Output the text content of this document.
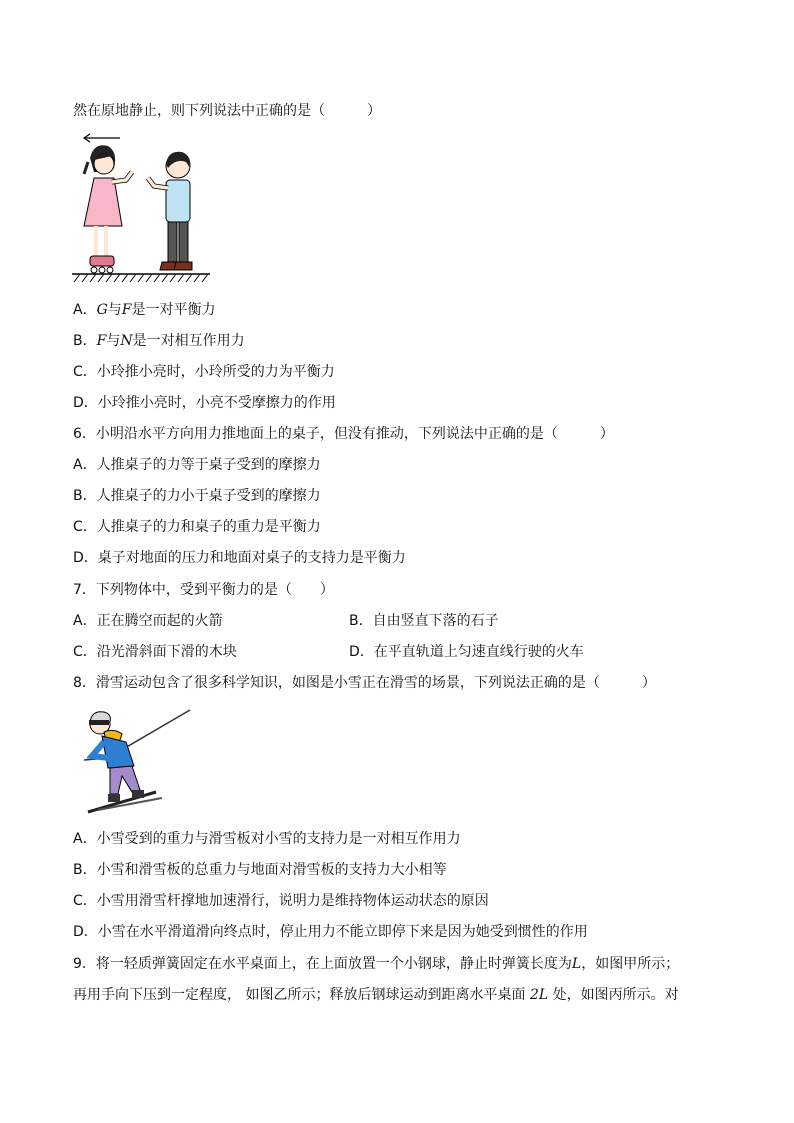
然在原地静止，则下列说法中正确的是（　　　）
A．G与F是一对平衡力
B．F与N是一对相互作用力
C．小玲推小亮时，小玲所受的力为平衡力
D．小玲推小亮时，小亮不受摩擦力的作用
6．小明沿水平方向用力推地面上的桌子，但没有推动，下列说法中正确的是（　　　）
A．人推桌子的力等于桌子受到的摩擦力
B．人推桌子的力小于桌子受到的摩擦力
C．人推桌子的力和桌子的重力是平衡力
D．桌子对地面的压力和地面对桌子的支持力是平衡力
7．下列物体中，受到平衡力的是（　　）
A．正在腾空而起的火箭	B．自由竖直下落的石子
C．沿光滑斜面下滑的木块	D．在平直轨道上匀速直线行驶的火车
8．滑雪运动包含了很多科学知识，如图是小雪正在滑雪的场景，下列说法正确的是（　　　）
A．小雪受到的重力与滑雪板对小雪的支持力是一对相互作用力
B．小雪和滑雪板的总重力与地面对滑雪板的支持力大小相等
C．小雪用滑雪杆撑地加速滑行，说明力是维持物体运动状态的原因
D．小雪在水平滑道滑向终点时，停止用力不能立即停下来是因为她受到惯性的作用
9．将一轻质弹簧固定在水平桌面上，在上面放置一个小钢球，静止时弹簧长度为L，如图甲所示；
再用手向下压到一定程度， 如图乙所示；释放后钢球运动到距离水平桌面 2L 处，如图丙所示。对
